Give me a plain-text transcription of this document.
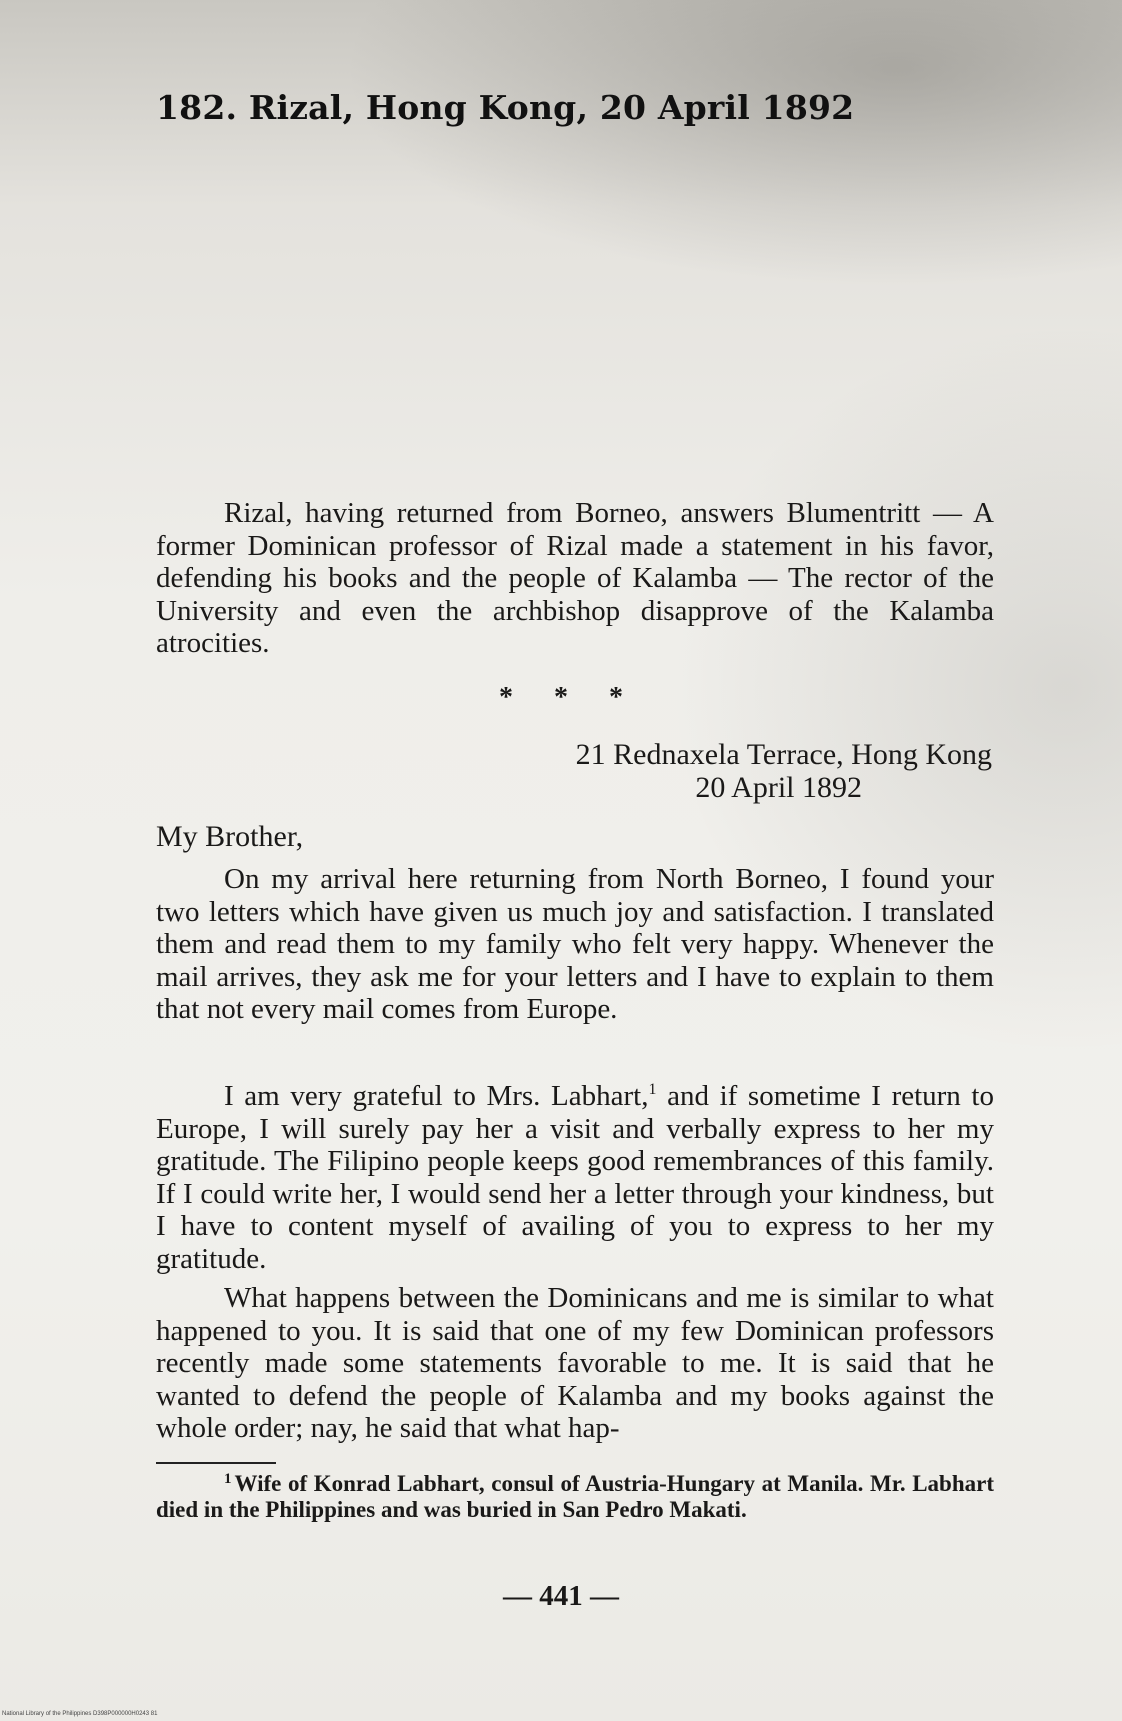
182. Rizal, Hong Kong, 20 April 1892

Rizal, having returned from Borneo, answers Blumentritt — A former Dominican professor of Rizal made a statement in his favor, defending his books and the people of Kalamba — The rector of the University and even the archbishop disapprove of the Kalamba atrocities.

* * *
21 Rednaxela Terrace, Hong Kong
20 April 1892
My Brother,

On my arrival here returning from North Borneo, I found your two letters which have given us much joy and satisfaction. I translated them and read them to my family who felt very happy. Whenever the mail arrives, they ask me for your letters and I have to explain to them that not every mail comes from Europe.

I am very grateful to Mrs. Labhart,$^1$ and if sometime I return to Europe, I will surely pay her a visit and verbally express to her my gratitude. The Filipino people keeps good remembrances of this family. If I could write her, I would send her a letter through your kindness, but I have to content myself of availing of you to express to her my gratitude.

What happens between the Dominicans and me is similar to what happened to you. It is said that one of my few Dominican professors recently made some statements favorable to me. It is said that he wanted to defend the people of Kalamba and my books against the whole order; nay, he said that what hap-

$^1$ Wife of Konrad Labhart, consul of Austria-Hungary at Manila. Mr. Labhart died in the Philippines and was buried in San Pedro Makati.

— 441 —
National Library of the Philippines D398P000000H0243 81
